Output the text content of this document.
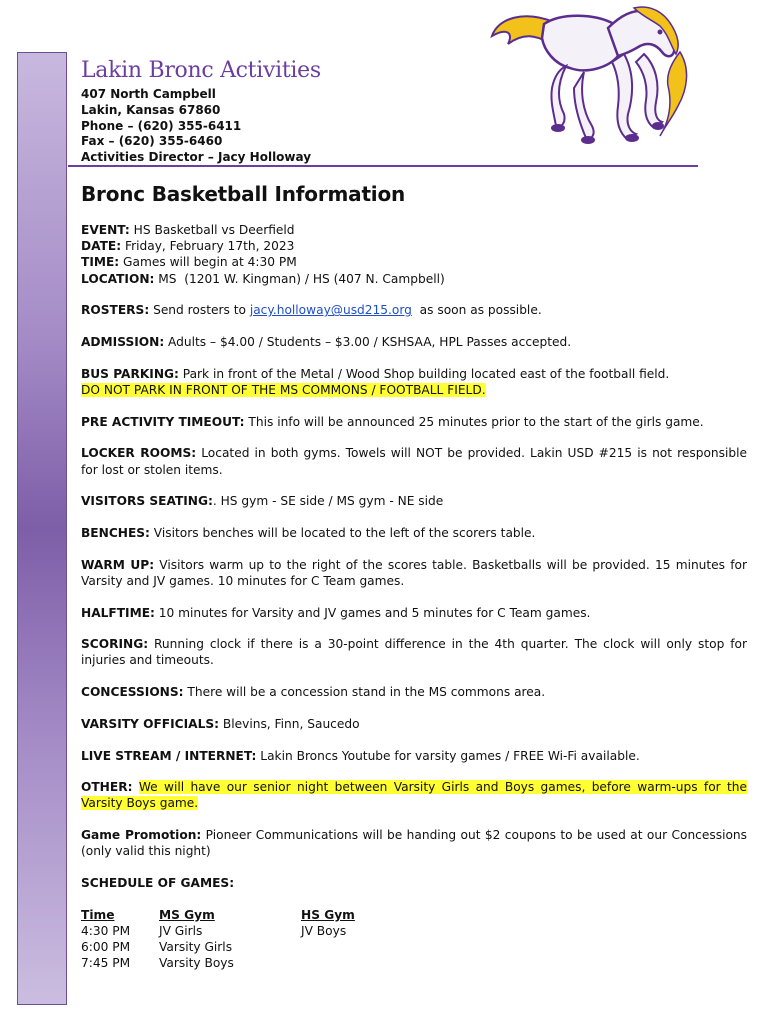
Lakin Bronc Activities
407 North Campbell
Lakin, Kansas 67860
Phone – (620) 355-6411
Fax – (620) 355-6460
Activities Director – Jacy Holloway
Bronc Basketball Information
EVENT: HS Basketball vs Deerfield
DATE: Friday, February 17th, 2023
TIME: Games will begin at 4:30 PM
LOCATION: MS  (1201 W. Kingman) / HS (407 N. Campbell)

ROSTERS: Send rosters to jacy.holloway@usd215.org  as soon as possible.

ADMISSION: Adults – $4.00 / Students – $3.00 / KSHSAA, HPL Passes accepted.

BUS PARKING: Park in front of the Metal / Wood Shop building located east of the football field.
DO NOT PARK IN FRONT OF THE MS COMMONS / FOOTBALL FIELD.

PRE ACTIVITY TIMEOUT: This info will be announced 25 minutes prior to the start of the girls game.

LOCKER ROOMS: Located in both gyms. Towels will NOT be provided. Lakin USD #215 is not responsible for lost or stolen items.

VISITORS SEATING:. HS gym - SE side / MS gym - NE side

BENCHES: Visitors benches will be located to the left of the scorers table.

WARM UP: Visitors warm up to the right of the scores table. Basketballs will be provided. 15 minutes for Varsity and JV games. 10 minutes for C Team games.

HALFTIME: 10 minutes for Varsity and JV games and 5 minutes for C Team games.

SCORING: Running clock if there is a 30-point difference in the 4th quarter. The clock will only stop for injuries and timeouts.

CONCESSIONS: There will be a concession stand in the MS commons area.

VARSITY OFFICIALS: Blevins, Finn, Saucedo

LIVE STREAM / INTERNET: Lakin Broncs Youtube for varsity games / FREE Wi-Fi available.

OTHER: We will have our senior night between Varsity Girls and Boys games, before warm-ups for the Varsity Boys game.

Game Promotion: Pioneer Communications will be handing out $2 coupons to be used at our Concessions (only valid this night)

SCHEDULE OF GAMES:
Time	MS Gym	HS Gym
4:30 PM	JV Girls	JV Boys
6:00 PM	Varsity Girls	
7:45 PM	Varsity Boys	
